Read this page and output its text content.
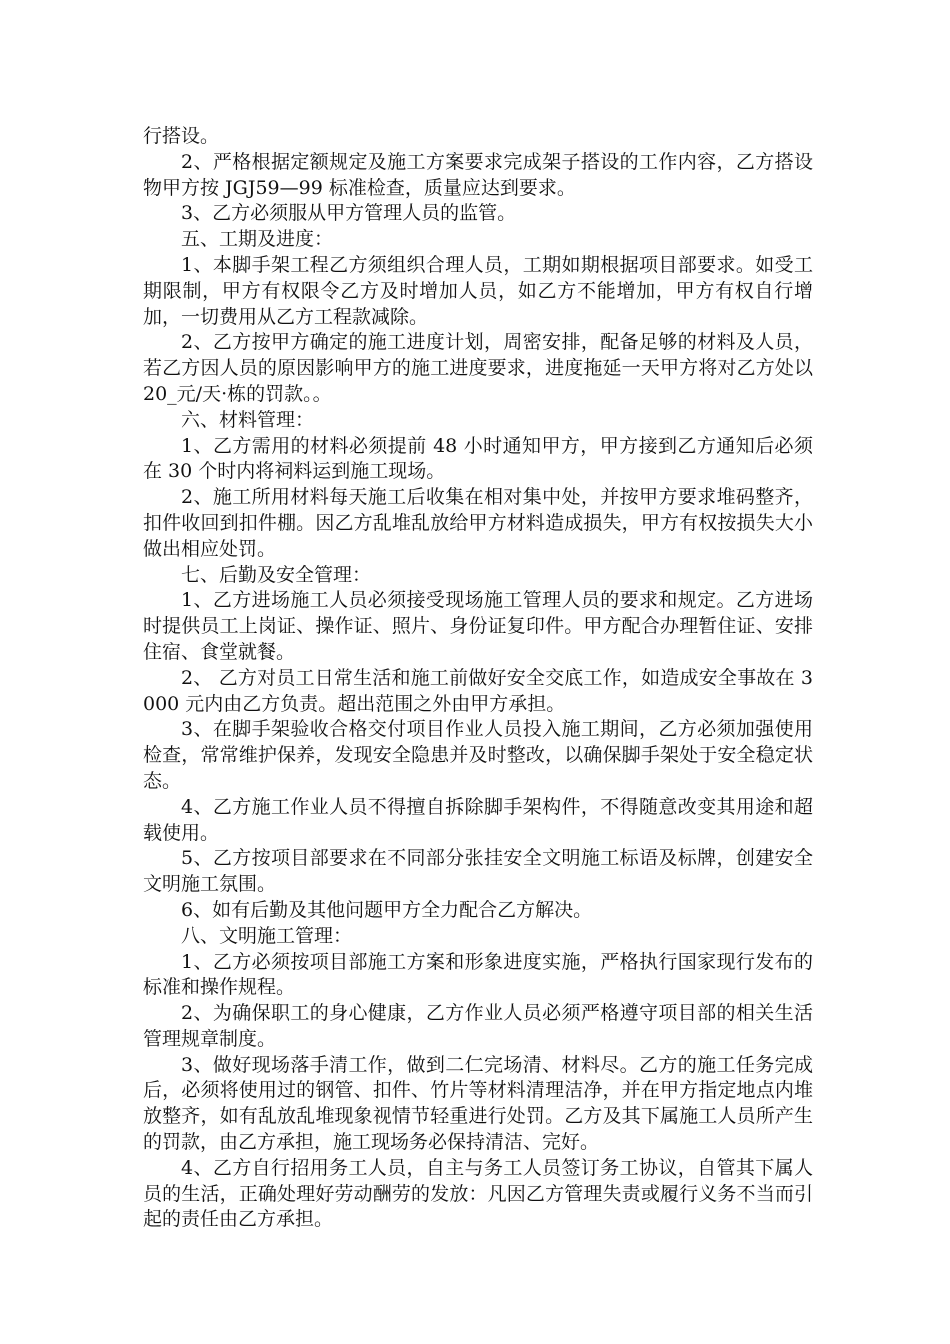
行搭设。

2、严格根据定额规定及施工方案要求完成架子搭设的工作内容，乙方搭设物甲方按 JGJ59—99 标准检查，质量应达到要求。

3、乙方必须服从甲方管理人员的监管。

五、工期及进度：

1、本脚手架工程乙方须组织合理人员，工期如期根据项目部要求。如受工期限制，甲方有权限令乙方及时增加人员，如乙方不能增加，甲方有权自行增加，一切费用从乙方工程款减除。

2、乙方按甲方确定的施工进度计划，周密安排，配备足够的材料及人员，若乙方因人员的原因影响甲方的施工进度要求，进度拖延一天甲方将对乙方处以 20_元/天·栋的罚款。。

六、材料管理：

1、乙方需用的材料必须提前 48 小时通知甲方，甲方接到乙方通知后必须在 30 个时内将祠料运到施工现场。

2、施工所用材料每天施工后收集在相对集中处，并按甲方要求堆码整齐，扣件收回到扣件棚。因乙方乱堆乱放给甲方材料造成损失，甲方有权按损失大小做出相应处罚。

七、后勤及安全管理：

1、乙方进场施工人员必须接受现场施工管理人员的要求和规定。乙方进场时提供员工上岗证、操作证、照片、身份证复印件。甲方配合办理暂住证、安排住宿、食堂就餐。

2、 乙方对员工日常生活和施工前做好安全交底工作，如造成安全事故在 3000 元内由乙方负责。超出范围之外由甲方承担。

3、在脚手架验收合格交付项目作业人员投入施工期间，乙方必须加强使用检查，常常维护保养，发现安全隐患并及时整改，以确保脚手架处于安全稳定状态。

4、乙方施工作业人员不得擅自拆除脚手架构件，不得随意改变其用途和超载使用。

5、乙方按项目部要求在不同部分张挂安全文明施工标语及标牌，创建安全文明施工氛围。

6、如有后勤及其他问题甲方全力配合乙方解决。

八、文明施工管理：

1、乙方必须按项目部施工方案和形象进度实施，严格执行国家现行发布的标准和操作规程。

2、为确保职工的身心健康，乙方作业人员必须严格遵守项目部的相关生活管理规章制度。

3、做好现场落手清工作，做到二仁完场清、材料尽。乙方的施工任务完成后，必须将使用过的钢管、扣件、竹片等材料清理洁净，并在甲方指定地点内堆放整齐，如有乱放乱堆现象视情节轻重进行处罚。乙方及其下属施工人员所产生的罚款，由乙方承担，施工现场务必保持清洁、完好。

4、乙方自行招用务工人员，自主与务工人员签订务工协议，自管其下属人员的生活，正确处理好劳动酬劳的发放：凡因乙方管理失责或履行义务不当而引起的责任由乙方承担。
